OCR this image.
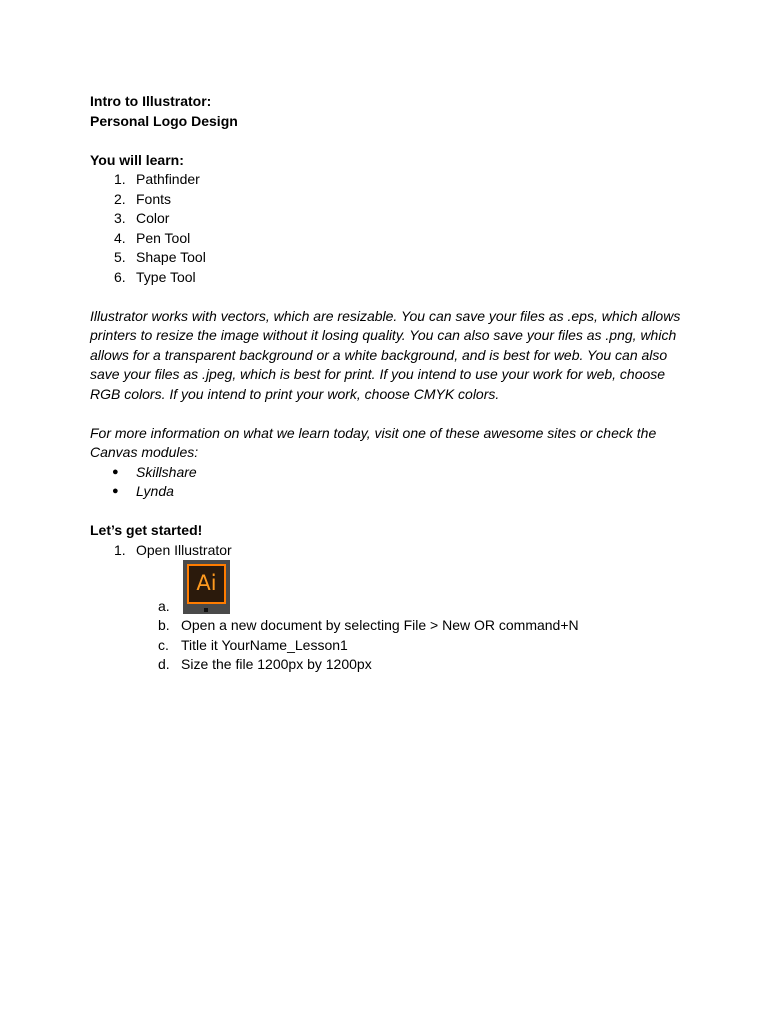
Intro to Illustrator:
Personal Logo Design
You will learn:
1. Pathfinder
2. Fonts
3. Color
4. Pen Tool
5. Shape Tool
6. Type Tool
Illustrator works with vectors, which are resizable. You can save your files as .eps, which allows
printers to resize the image without it losing quality. You can also save your files as .png, which
allows for a transparent background or a white background, and is best for web. You can also
save your files as .jpeg, which is best for print. If you intend to use your work for web, choose
RGB colors. If you intend to print your work, choose CMYK colors.
For more information on what we learn today, visit one of these awesome sites or check the
Canvas modules:
● Skillshare
● Lynda
Let’s get started!
1. Open Illustrator
a.
Ai
b. Open a new document by selecting File > New OR command+N
c. Title it YourName_Lesson1
d. Size the file 1200px by 1200px
